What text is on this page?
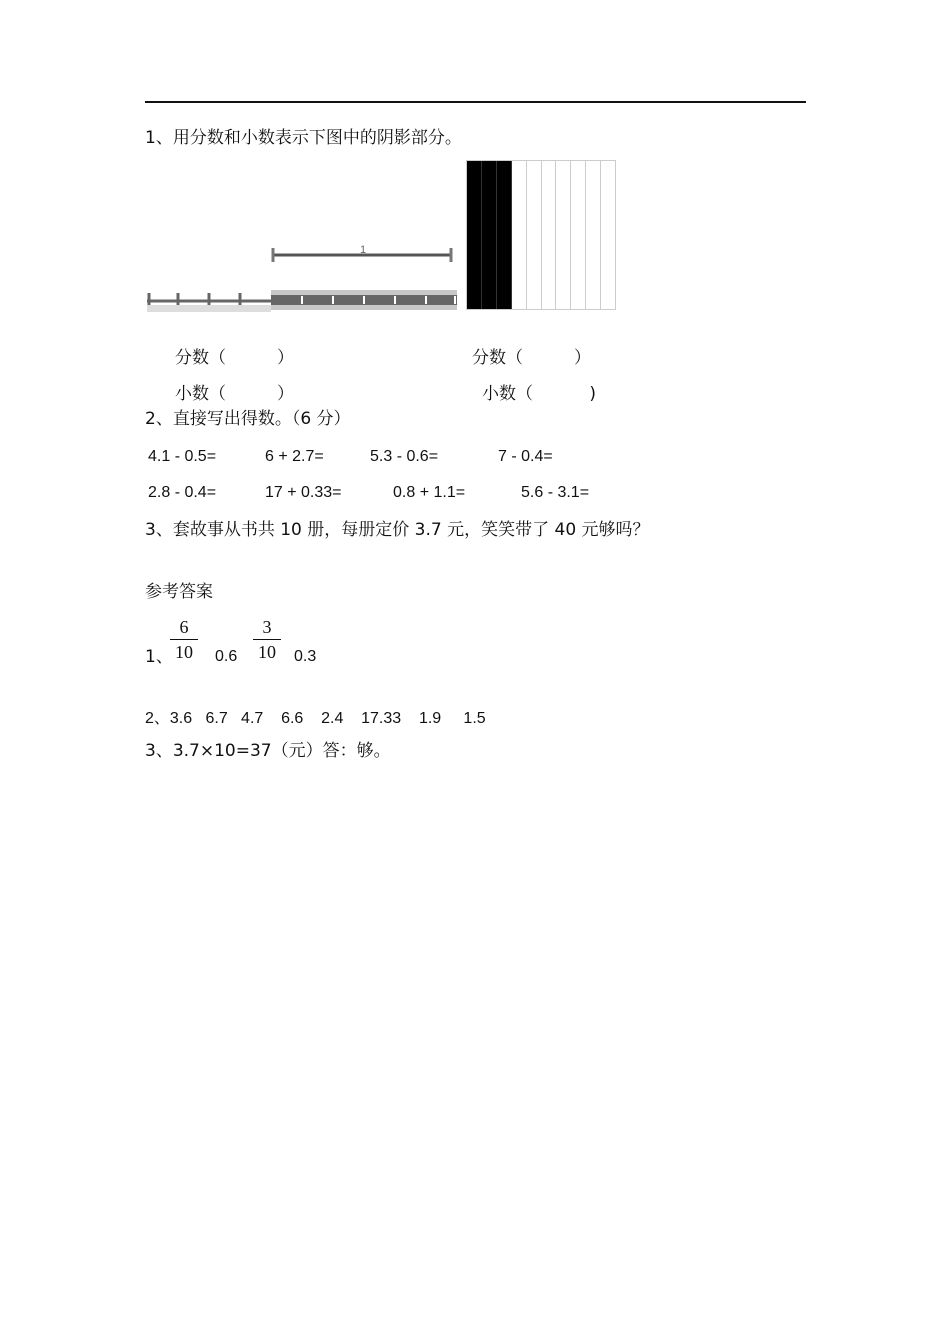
1、用分数和小数表示下图中的阴影部分。
1
分数（　　　）	分数（　　　）
小数（　　　）	小数（　　　 )
2、直接写出得数。（6 分）
4.1 - 0.5=	6 + 2.7=	5.3 - 0.6=	7 - 0.4=
2.8 - 0.4=	17 + 0.33=	0.8 + 1.1=	5.6 - 3.1=
3、套故事从书共 10 册，每册定价 3.7 元，笑笑带了 40 元够吗？
参考答案
1、
6
10	0.6
3
10	0.3
2、3.6   6.7   4.7    6.6    2.4    17.33    1.9     1.5
3、3.7×10=37（元）答：够。
